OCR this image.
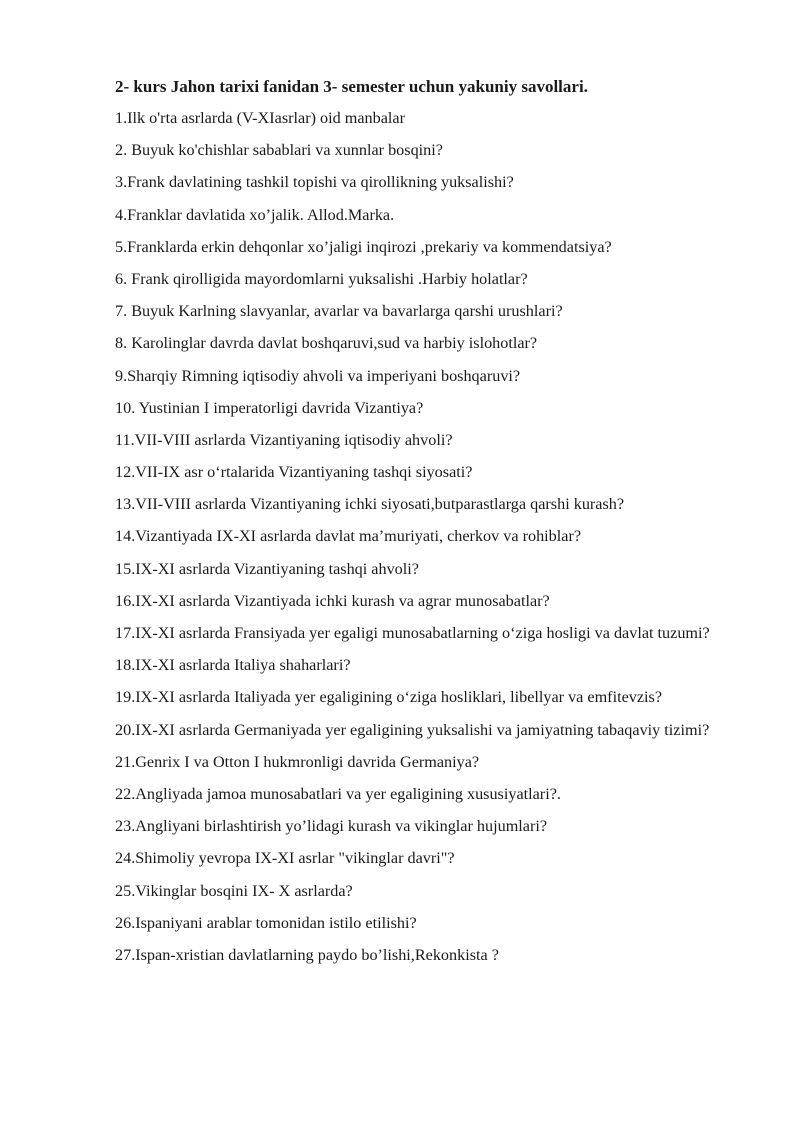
2- kurs Jahon tarixi fanidan 3- semester uchun yakuniy savollari.
1.Ilk o'rta asrlarda (V-XIasrlar) oid manbalar
2. Buyuk ko'chishlar sabablari va xunnlar bosqini?
3.Frank davlatining tashkil topishi va qirollikning yuksalishi?
4.Franklar davlatida xo’jalik. Allod.Marka.
5.Franklarda erkin dehqonlar xo’jaligi inqirozi ,prekariy va kommendatsiya?
6. Frank qirolligida mayordomlarni yuksalishi .Harbiy holatlar?
7. Buyuk Karlning slavyanlar, avarlar va bavarlarga qarshi urushlari?
8. Karolinglar davrda davlat boshqaruvi,sud va harbiy islohotlar?
9.Sharqiy Rimning iqtisodiy ahvoli va imperiyani boshqaruvi?
10. Yustinian I imperatorligi davrida Vizantiya?
11.VII-VIII asrlarda Vizantiyaning iqtisodiy ahvoli?
12.VII-IX asr o‘rtalarida Vizantiyaning tashqi siyosati?
13.VII-VIII asrlarda Vizantiyaning ichki siyosati,butparastlarga qarshi kurash?
14.Vizantiyada IX-XI asrlarda davlat ma’muriyati, cherkov va rohiblar?
15.IX-XI asrlarda Vizantiyaning tashqi ahvoli?
16.IX-XI asrlarda Vizantiyada ichki kurash va agrar munosabatlar?
17.IX-XI asrlarda Fransiyada yer egaligi munosabatlarning o‘ziga hosligi va davlat tuzumi?
18.IX-XI asrlarda Italiya shaharlari?
19.IX-XI asrlarda Italiyada yer egaligining o‘ziga hosliklari, libellyar va emfitevzis?
20.IX-XI asrlarda Germaniyada yer egaligining yuksalishi va jamiyatning tabaqaviy tizimi?
21.Genrix I va Otton I hukmronligi davrida Germaniya?
22.Angliyada jamoa munosabatlari va yer egaligining xususiyatlari?.
23.Angliyani birlashtirish yo’lidagi kurash va vikinglar hujumlari?
24.Shimoliy yevropa IX-XI asrlar "vikinglar davri"?
25.Vikinglar bosqini IX- X asrlarda?
26.Ispaniyani arablar tomonidan istilo etilishi?
27.Ispan-xristian davlatlarning paydo bo’lishi,Rekonkista ?
